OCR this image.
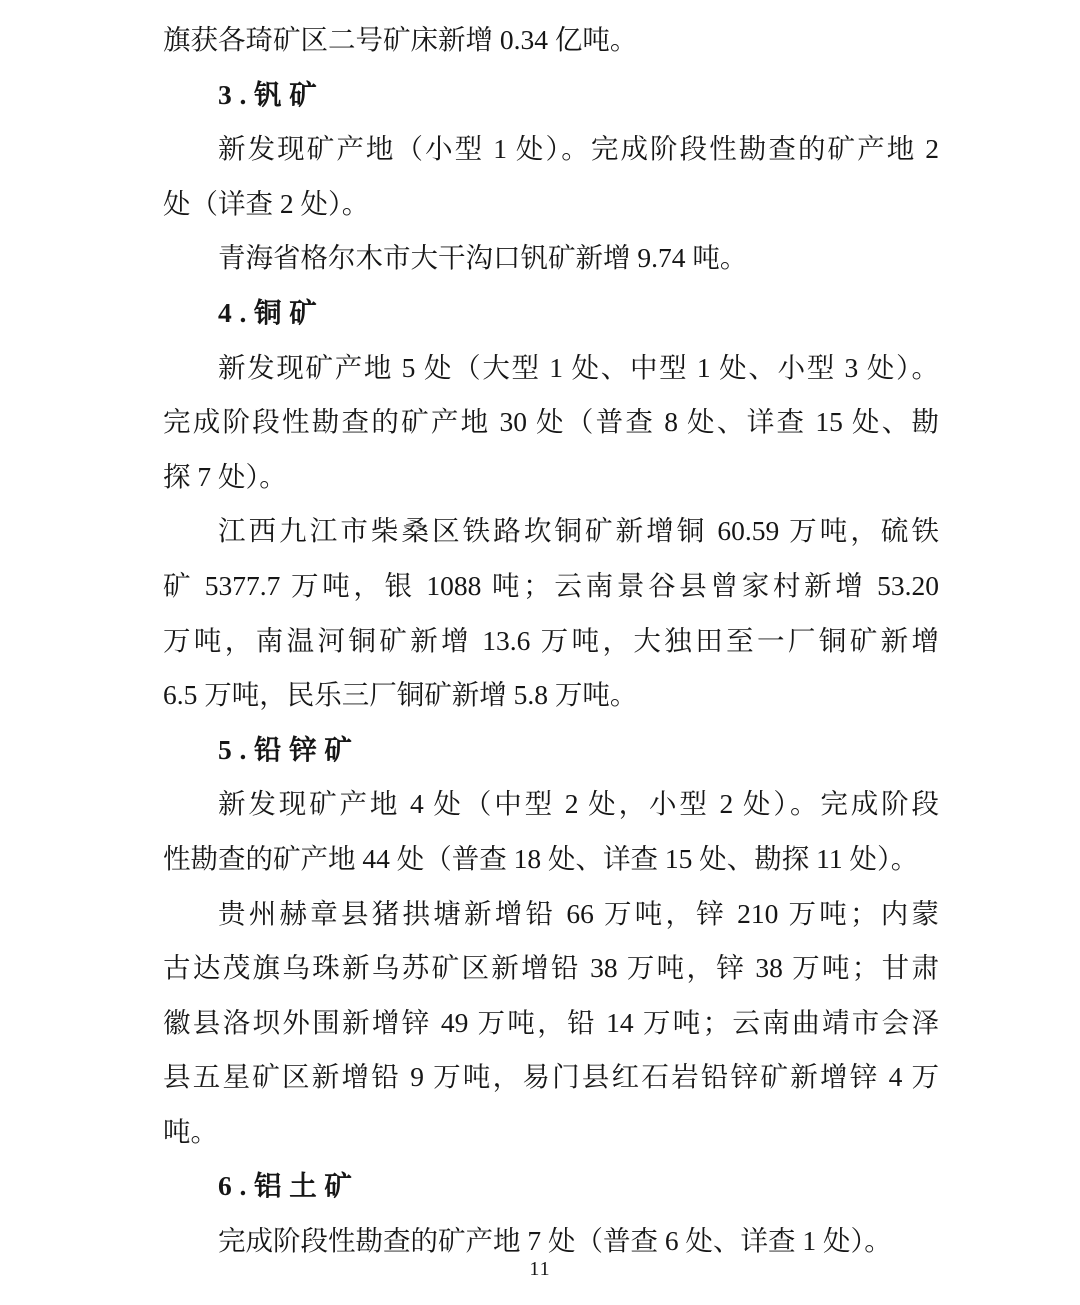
旗获各琦矿区二号矿床新增 0.34 亿吨。
3.钒矿
新发现矿产地（小型 1 处）。完成阶段性勘查的矿产地 2
处（详查 2 处）。
青海省格尔木市大干沟口钒矿新增 9.74 吨。
4.铜矿
新发现矿产地 5 处（大型 1 处、中型 1 处、小型 3 处）。
完成阶段性勘查的矿产地 30 处（普查 8 处、详查 15 处、勘
探 7 处）。
江西九江市柴桑区铁路坎铜矿新增铜 60.59 万吨，硫铁
矿 5377.7 万吨，银 1088 吨；云南景谷县曾家村新增 53.20
万吨，南温河铜矿新增 13.6 万吨，大独田至一厂铜矿新增
6.5 万吨，民乐三厂铜矿新增 5.8 万吨。
5.铅锌矿
新发现矿产地 4 处（中型 2 处，小型 2 处）。完成阶段
性勘查的矿产地 44 处（普查 18 处、详查 15 处、勘探 11 处）。
贵州赫章县猪拱塘新增铅 66 万吨，锌 210 万吨；内蒙
古达茂旗乌珠新乌苏矿区新增铅 38 万吨，锌 38 万吨；甘肃
徽县洛坝外围新增锌 49 万吨，铅 14 万吨；云南曲靖市会泽
县五星矿区新增铅 9 万吨，易门县红石岩铅锌矿新增锌 4 万
吨。
6.铝土矿
完成阶段性勘查的矿产地 7 处（普查 6 处、详查 1 处）。
11
